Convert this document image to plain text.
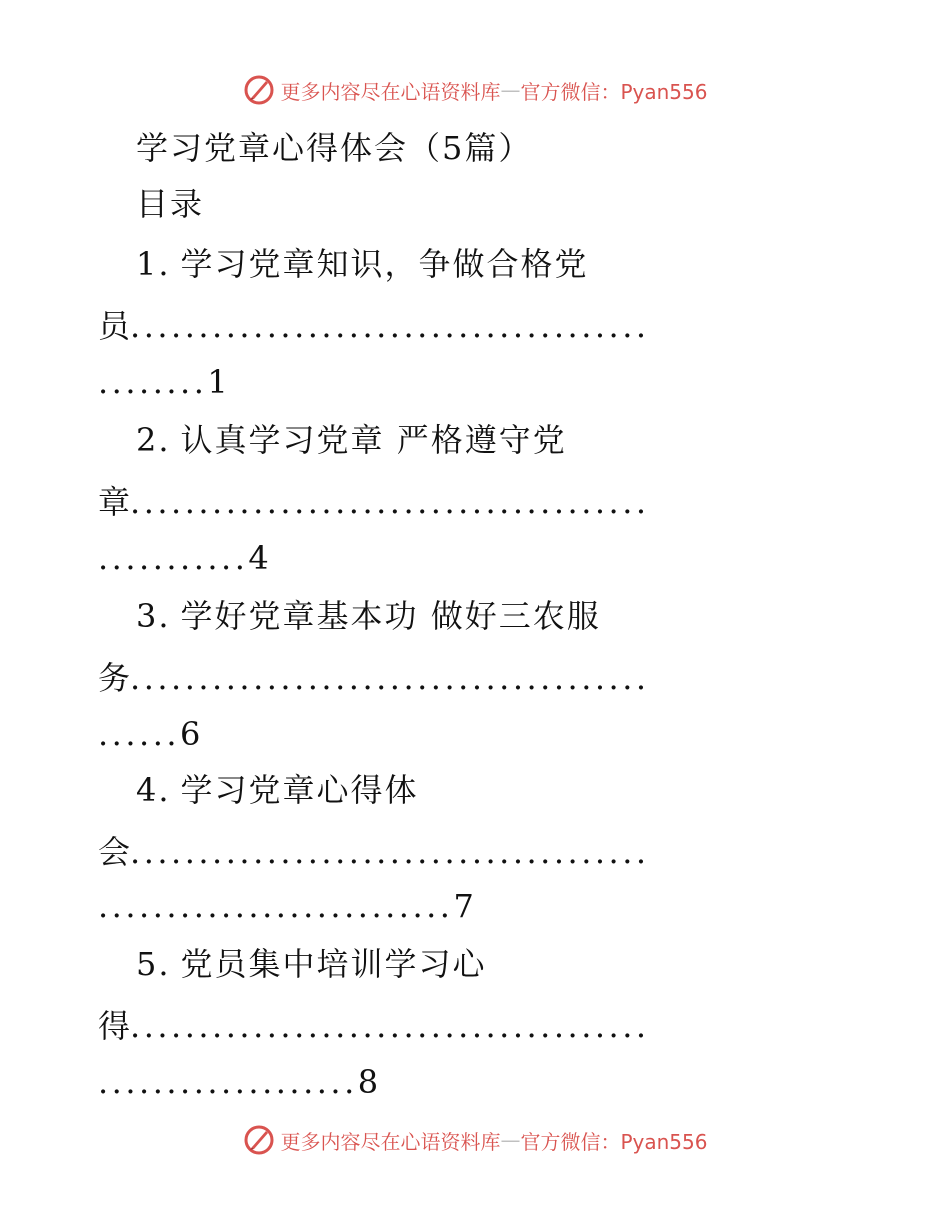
更多内容尽在心语资料库 — 官方微信：Pyan556
学习党章心得体会（5篇）
目录
1. 学习党章知识，争做合格党
员 ......................................
........1
2. 认真学习党章 严格遵守党
章 ......................................
...........4
3. 学好党章基本功 做好三农服
务 ......................................
......6
4. 学习党章心得体
会 ......................................
..........................7
5. 党员集中培训学习心
得 ......................................
...................8
更多内容尽在心语资料库 — 官方微信：Pyan556
